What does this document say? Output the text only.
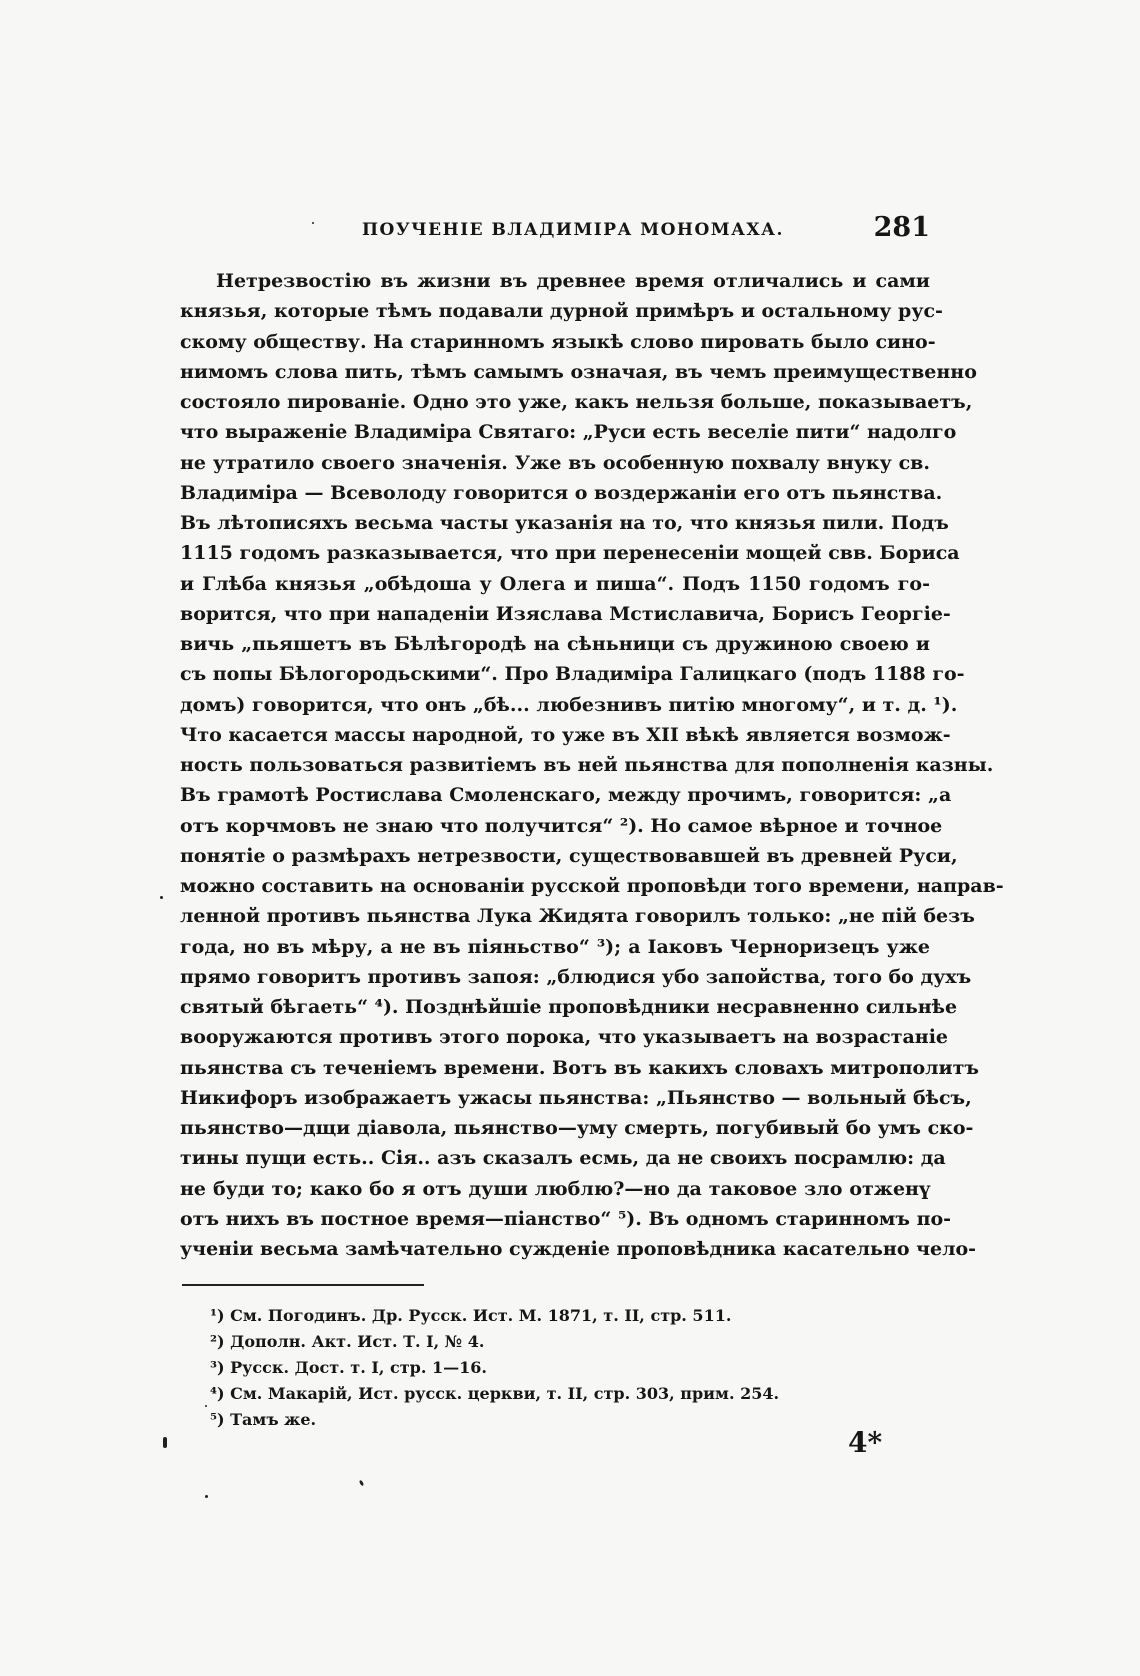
ПОУЧЕНІЕ ВЛАДИМІРА МОНОМАХА.	281
Нетрезвостію въ жизни въ древнее время отличались и сами
князья, которые тѣмъ подавали дурной примѣръ и остальному рус-
скому обществу. На старинномъ языкѣ слово пировать было сино-
нимомъ слова пить, тѣмъ самымъ означая, въ чемъ преимущественно
состояло пированіе. Одно это уже, какъ нельзя больше, показываетъ,
что выраженіе Владиміра Святаго: „Руси есть веселіе пити“ надолго
не утратило своего значенія. Уже въ особенную похвалу внуку св.
Владиміра — Всеволоду говорится о воздержаніи его отъ пьянства.
Въ лѣтописяхъ весьма часты указанія на то, что князья пили. Подъ
1115 годомъ разказывается, что при перенесеніи мощей свв. Бориса
и Глѣба князья „обѣдоша у Олега и пиша“. Подъ 1150 годомъ го-
ворится, что при нападеніи Изяслава Мстиславича, Борисъ Георгіе-
вичь „пьяшетъ въ Бѣлѣгородѣ на сѣньници съ дружиною своею и
съ попы Бѣлогородьскими“. Про Владиміра Галицкаго (подъ 1188 го-
домъ) говорится, что онъ „бѣ... любезнивъ питію многому“, и т. д. ¹).
Что касается массы народной, то уже въ XII вѣкѣ является возмож-
ность пользоваться развитіемъ въ ней пьянства для пополненія казны.
Въ грамотѣ Ростислава Смоленскаго, между прочимъ, говорится: „а
отъ корчмовъ не знаю что получится“ ²). Но самое вѣрное и точное
понятіе о размѣрахъ нетрезвости, существовавшей въ древней Руси,
можно составить на основаніи русской проповѣди того времени, направ-
ленной противъ пьянства Лука Жидята говорилъ только: „не пій безъ
года, но въ мѣру, а не въ піяньство“ ³); а Іаковъ Черноризецъ уже
прямо говоритъ противъ запоя: „блюдися убо запойства, того бо духъ
святый бѣгаеть“ ⁴). Позднѣйшіе проповѣдники несравненно сильнѣе
вооружаются противъ этого порока, что указываетъ на возрастаніе
пьянства съ теченіемъ времени. Вотъ въ какихъ словахъ митрополитъ
Никифоръ изображаетъ ужасы пьянства: „Пьянство — вольный бѣсъ,
пьянство—дщи діавола, пьянство—уму смерть, погубивый бо умъ ско-
тины пущи есть.. Сія.. азъ сказалъ есмь, да не своихъ посрамлю: да
не буди то; како бо я отъ души люблю?—но да таковое зло отженү
отъ нихъ въ постное время—піанство“ ⁵). Въ одномъ старинномъ по-
ученіи весьма замѣчательно сужденіе проповѣдника касательно чело-
¹) См. Погодинъ. Др. Русск. Ист. М. 1871, т. II, стр. 511.
²) Дополн. Акт. Ист. Т. I, № 4.
³) Русск. Дост. т. I, стр. 1—16.
⁴) См. Макарій, Ист. русск. церкви, т. II, стр. 303, прим. 254.
⁵) Тамъ же.
4*
